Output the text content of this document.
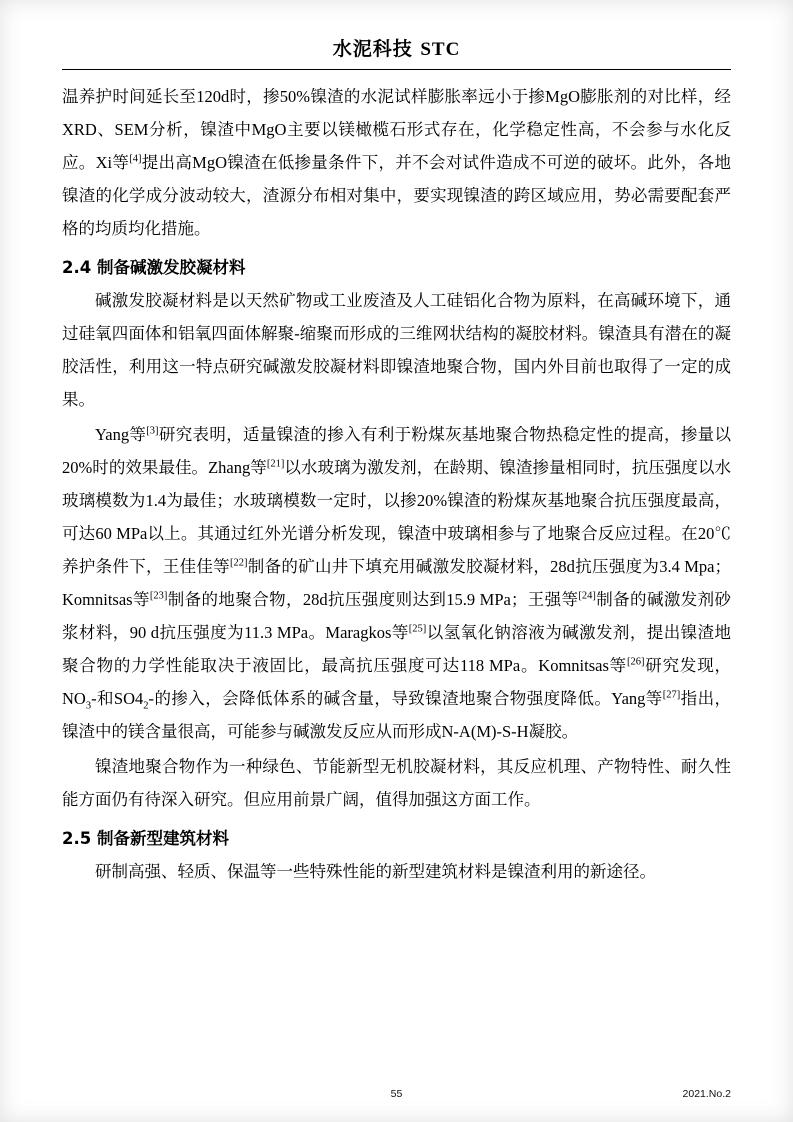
水泥科技 STC

温养护时间延长至120d时，掺50%镍渣的水泥试样膨胀率远小于掺MgO膨胀剂的对比样，经XRD、SEM分析，镍渣中MgO主要以镁橄榄石形式存在，化学稳定性高，不会参与水化反应。Xi等[4]提出高MgO镍渣在低掺量条件下，并不会对试件造成不可逆的破坏。此外，各地镍渣的化学成分波动较大，渣源分布相对集中，要实现镍渣的跨区域应用，势必需要配套严格的均质均化措施。

2.4 制备碱激发胶凝材料

碱激发胶凝材料是以天然矿物或工业废渣及人工硅铝化合物为原料，在高碱环境下，通过硅氧四面体和铝氧四面体解聚-缩聚而形成的三维网状结构的凝胶材料。镍渣具有潜在的凝胶活性，利用这一特点研究碱激发胶凝材料即镍渣地聚合物，国内外目前也取得了一定的成果。

Yang等[3]研究表明，适量镍渣的掺入有利于粉煤灰基地聚合物热稳定性的提高，掺量以20%时的效果最佳。Zhang等[21]以水玻璃为激发剂，在龄期、镍渣掺量相同时，抗压强度以水玻璃模数为1.4为最佳；水玻璃模数一定时，以掺20%镍渣的粉煤灰基地聚合抗压强度最高，可达60 MPa以上。其通过红外光谱分析发现，镍渣中玻璃相参与了地聚合反应过程。在20℃养护条件下，王佳佳等[22]制备的矿山井下填充用碱激发胶凝材料，28d抗压强度为3.4 Mpa；Komnitsas等[23]制备的地聚合物，28d抗压强度则达到15.9 MPa；王强等[24]制备的碱激发剂砂浆材料，90 d抗压强度为11.3 MPa。Maragkos等[25]以氢氧化钠溶液为碱激发剂，提出镍渣地聚合物的力学性能取决于液固比，最高抗压强度可达118 MPa。Komnitsas等[26]研究发现，$NO_3-$和$SO4_2-$的掺入，会降低体系的碱含量，导致镍渣地聚合物强度降低。Yang等[27]指出，镍渣中的镁含量很高，可能参与碱激发反应从而形成N-A(M)-S-H凝胶。

镍渣地聚合物作为一种绿色、节能新型无机胶凝材料，其反应机理、产物特性、耐久性能方面仍有待深入研究。但应用前景广阔，值得加强这方面工作。

2.5 制备新型建筑材料

研制高强、轻质、保温等一些特殊性能的新型建筑材料是镍渣利用的新途径。

55	2021.No.2
